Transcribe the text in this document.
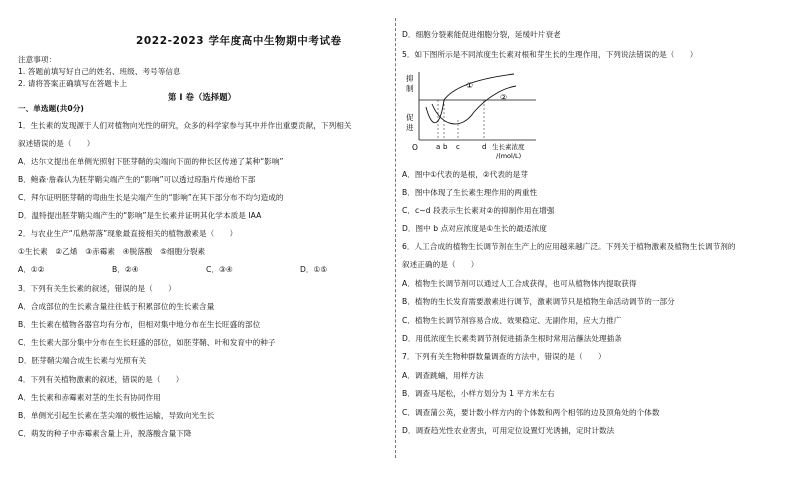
2022-2023 学年度高中生物期中考试卷
注意事项：
1. 答题前填写好自己的姓名、班级、考号等信息
2. 请将答案正确填写在答题卡上
第 I 卷（选择题）
一、单选题(共0分)
1．生长素的发现源于人们对植物向光性的研究，众多的科学家参与其中并作出重要贡献，下列相关
叙述错误的是（　　）
A．达尔文提出在单侧光照射下胚芽鞘的尖端向下面的伸长区传递了某种“影响”
B．鲍森·詹森认为胚芽鞘尖端产生的“影响”可以透过琼脂片传递给下部
C．拜尔证明胚芽鞘的弯曲生长是尖端产生的“影响”在其下部分布不均匀造成的
D．温特提出胚芽鞘尖端产生的“影响”是生长素并证明其化学本质是 IAA
2．与农业生产“瓜熟蒂落”现象最直接相关的植物激素是（　　）
①生长素　②乙烯　③赤霉素　④脱落酸　⑤细胞分裂素
A．①②	B．②④	C．③④	D．①⑤
3．下列有关生长素的叙述，错误的是（　　）
A．合成部位的生长素含量往往低于积累部位的生长素含量
B．生长素在植物各器官均有分布，但相对集中地分布在生长旺盛的部位
C．生长素大部分集中分布在生长旺盛的部位，如胚芽鞘、叶和发育中的种子
D．胚芽鞘尖端合成生长素与光照有关
4．下列有关植物激素的叙述，错误的是（　　）
A．生长素和赤霉素对茎的生长有协同作用
B．单侧光引起生长素在茎尖端的极性运输，导致向光生长
C．萌发的种子中赤霉素含量上升，脱落酸含量下降
D．细胞分裂素能促进细胞分裂，延缓叶片衰老
5．如下图所示是不同浓度生长素对根和芽生长的生理作用，下列说法错误的是（　　）
抑
制
促
进
①
②
O	a b c	d 生长素浓度
/(mol/L)
A．图中①代表的是根，②代表的是芽
B．图中体现了生长素生理作用的两重性
C．c~d 段表示生长素对②的抑制作用在增强
D．图中 b 点对应浓度是①生长的最适浓度
6．人工合成的植物生长调节剂在生产上的应用越来越广泛。下列关于植物激素及植物生长调节剂的
叙述正确的是（　　）
A．植物生长调节剂可以通过人工合成获得，也可从植物体内提取获得
B．植物的生长发育需要激素进行调节，激素调节只是植物生命活动调节的一部分
C．植物生长调节剂容易合成、效果稳定、无副作用，应大力推广
D．用低浓度生长素类调节剂促进插条生根时常用沾蘸法处理插条
7．下列有关生物种群数量调查的方法中，错误的是（　　）
A．调查跳蝻，用样方法
B．调查马尾松，小样方划分为 1 平方米左右
C．调查蒲公英，要计数小样方内的个体数和两个相邻的边及顶角处的个体数
D．调查趋光性农业害虫，可用定位设置灯光诱捕，定时计数法
